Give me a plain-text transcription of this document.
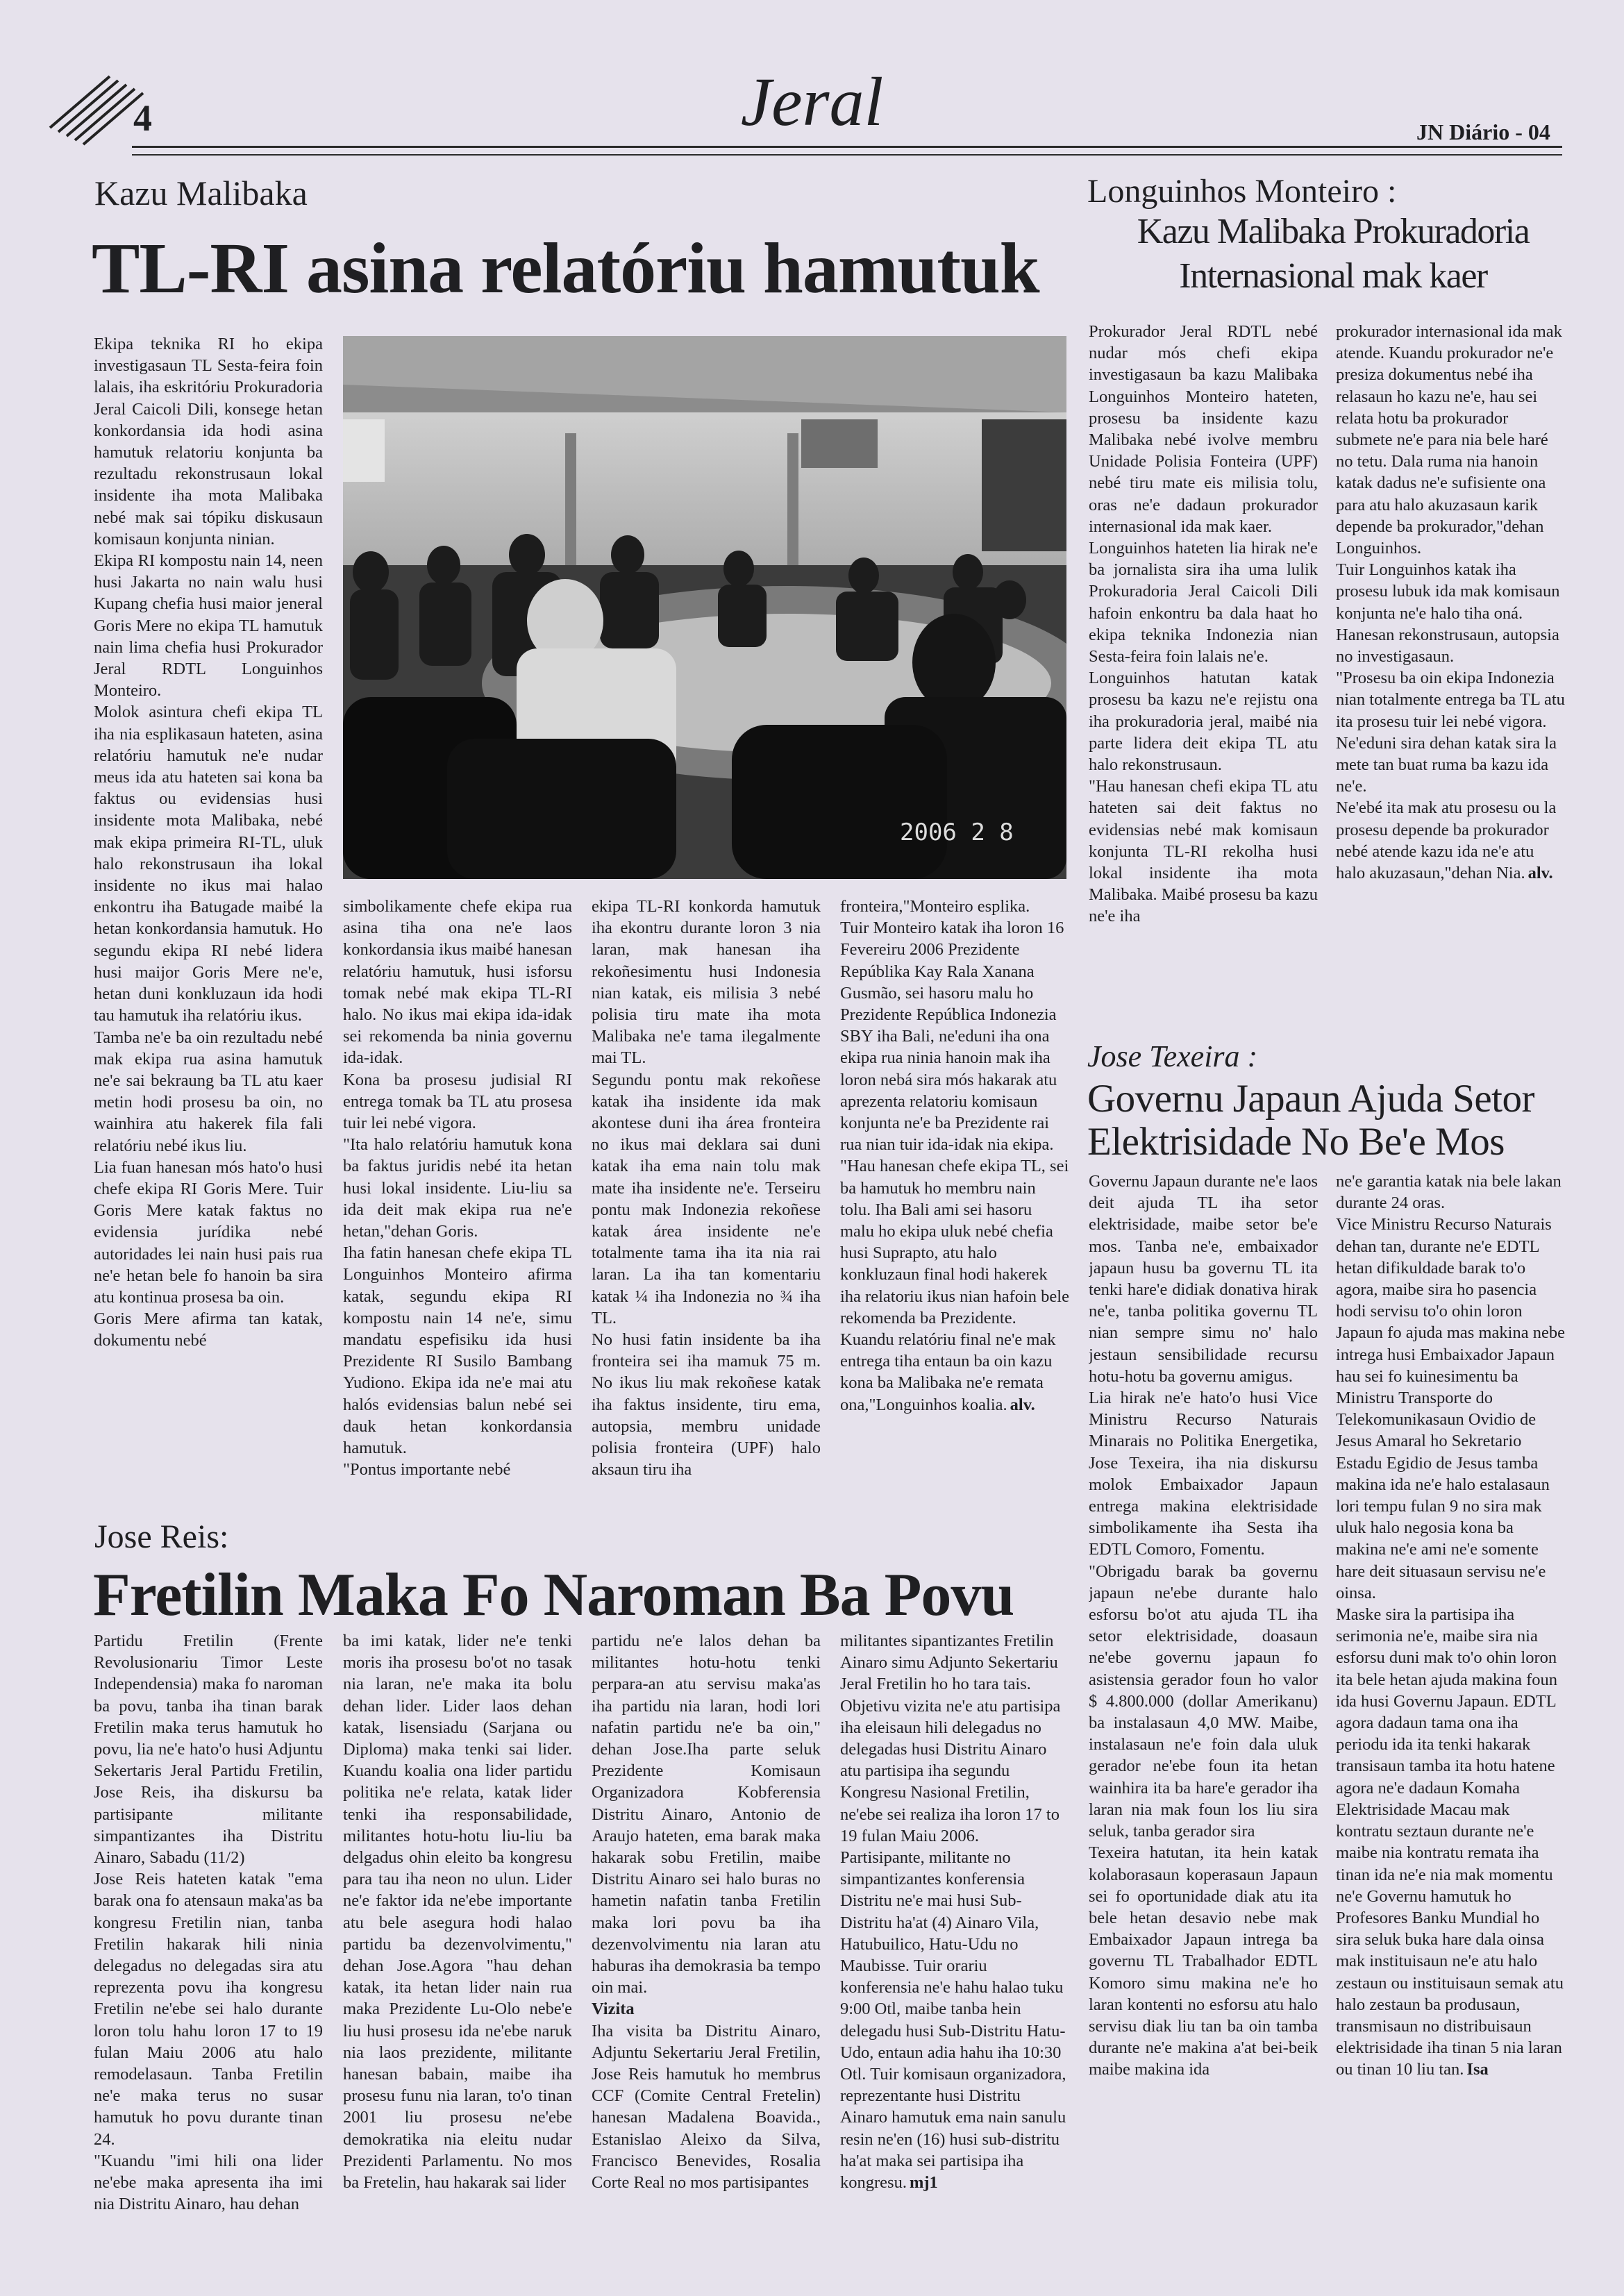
4	Jeral	JN Diário - 04
Kazu Malibaka
TL-RI asina relatóriu hamutuk
Ekipa teknika RI ho ekipa investigasaun TL Sesta-feira foin lalais, iha eskritóriu Prokuradoria Jeral Caicoli Dili, konsege hetan konkordansia ida hodi asina hamutuk relatoriu konjunta ba rezultadu rekonstrusaun lokal insidente iha mota Malibaka nebé mak sai tópiku diskusaun komisaun konjunta ninian.
Ekipa RI kompostu nain 14, neen husi Jakarta no nain walu husi Kupang chefia husi maior jeneral Goris Mere no ekipa TL hamutuk nain lima chefia husi Prokurador Jeral RDTL Longuinhos Monteiro.
Molok asintura chefi ekipa TL iha nia esplikasaun hateten, asina relatóriu hamutuk ne'e nudar meus ida atu hateten sai kona ba faktus ou evidensias husi insidente mota Malibaka, nebé mak ekipa primeira RI-TL, uluk halo rekonstrusaun iha lokal insidente no ikus mai halao enkontru iha Batugade maibé la hetan konkordansia hamutuk. Ho segundu ekipa RI nebé lidera husi maijor Goris Mere ne'e, hetan duni konkluzaun ida hodi tau hamutuk iha relatóriu ikus.
Tamba ne'e ba oin rezultadu nebé mak ekipa rua asina hamutuk ne'e sai bekraung ba TL atu kaer metin hodi prosesu ba oin, no wainhira atu hakerek fila fali relatóriu nebé ikus liu.
Lia fuan hanesan mós hato'o husi chefe ekipa RI Goris Mere. Tuir Goris Mere katak faktus no evidensia jurídika nebé autoridades lei nain husi pais rua ne'e hetan bele fo hanoin ba sira atu kontinua prosesa ba oin.
Goris Mere afirma tan katak, dokumentu nebé
2006 2 8
simbolikamente chefe ekipa rua asina tiha ona ne'e laos konkordansia ikus maibé hanesan relatóriu hamutuk, husi isforsu tomak nebé mak ekipa TL-RI halo. No ikus mai ekipa ida-idak sei rekomenda ba ninia governu ida-idak.
Kona ba prosesu judisial RI entrega tomak ba TL atu prosesa tuir lei nebé vigora.
"Ita halo relatóriu hamutuk kona ba faktus juridis nebé ita hetan husi lokal insidente. Liu-liu sa ida deit mak ekipa rua ne'e hetan,"dehan Goris.
Iha fatin hanesan chefe ekipa TL Longuinhos Monteiro afirma katak, segundu ekipa RI kompostu nain 14 ne'e, simu mandatu espefisiku ida husi Prezidente RI Susilo Bambang Yudiono. Ekipa ida ne'e mai atu halós evidensias balun nebé sei dauk hetan konkordansia hamutuk.
"Pontus importante nebé
ekipa TL-RI konkorda hamutuk iha ekontru durante loron 3 nia laran, mak hanesan iha rekoñesimentu husi Indonesia nian katak, eis milisia 3 nebé polisia tiru mate iha mota Malibaka ne'e tama ilegalmente mai TL.
Segundu pontu mak rekoñese katak iha insidente ida mak akontese duni iha área fronteira no ikus mai deklara sai duni katak iha ema nain tolu mak mate iha insidente ne'e. Terseiru pontu mak Indonezia rekoñese katak área insidente ne'e totalmente tama iha ita nia rai laran. La iha tan komentariu katak ¼ iha Indonezia no ¾ iha TL.
No husi fatin insidente ba iha fronteira sei iha mamuk 75 m. No ikus liu mak rekoñese katak iha faktus insidente, tiru ema, autopsia, membru unidade polisia fronteira (UPF) halo aksaun tiru iha
fronteira,"Monteiro esplika.
Tuir Monteiro katak iha loron 16 Fevereiru 2006 Prezidente Repúblika Kay Rala Xanana Gusmão, sei hasoru malu ho Prezidente República Indonezia SBY iha Bali, ne'eduni iha ona ekipa rua ninia hanoin mak iha loron nebá sira mós hakarak atu aprezenta relatoriu komisaun konjunta ne'e ba Prezidente rai rua nian tuir ida-idak nia ekipa.
"Hau hanesan chefe ekipa TL, sei ba hamutuk ho membru nain tolu. Iha Bali ami sei hasoru malu ho ekipa uluk nebé chefia husi Suprapto, atu halo konkluzaun final hodi hakerek iha relatoriu ikus nian hafoin bele rekomenda ba Prezidente. Kuandu relatóriu final ne'e mak entrega tiha entaun ba oin kazu kona ba Malibaka ne'e remata ona,"Longuinhos koalia. alv.
Longuinhos Monteiro :
Kazu Malibaka Prokuradoria
Internasional mak kaer
Prokurador Jeral RDTL nebé nudar mós chefi ekipa investigasaun ba kazu Malibaka Longuinhos Monteiro hateten, prosesu ba insidente kazu Malibaka nebé ivolve membru Unidade Polisia Fonteira (UPF) nebé tiru mate eis milisia tolu, oras ne'e dadaun prokurador internasional ida mak kaer.
Longuinhos hateten lia hirak ne'e ba jornalista sira iha uma lulik Prokuradoria Jeral Caicoli Dili hafoin enkontru ba dala haat ho ekipa teknika Indonezia nian Sesta-feira foin lalais ne'e.
Longuinhos hatutan katak prosesu ba kazu ne'e rejistu ona iha prokuradoria jeral, maibé nia parte lidera deit ekipa TL atu halo rekonstrusaun.
"Hau hanesan chefi ekipa TL atu hateten sai deit faktus no evidensias nebé mak komisaun konjunta TL-RI rekolha husi lokal insidente iha mota Malibaka. Maibé prosesu ba kazu ne'e iha
prokurador internasional ida mak atende. Kuandu prokurador ne'e presiza dokumentus nebé iha relasaun ho kazu ne'e, hau sei relata hotu ba prokurador submete ne'e para nia bele haré no tetu. Dala ruma nia hanoin katak dadus ne'e sufisiente ona para atu halo akuzasaun karik depende ba prokurador,"dehan Longuinhos.
Tuir Longuinhos katak iha prosesu lubuk ida mak komisaun konjunta ne'e halo tiha oná. Hanesan rekonstrusaun, autopsia no investigasaun.
"Prosesu ba oin ekipa Indonezia nian totalmente entrega ba TL atu ita prosesu tuir lei nebé vigora.
Ne'eduni sira dehan katak sira la mete tan buat ruma ba kazu ida ne'e.
Ne'ebé ita mak atu prosesu ou la prosesu depende ba prokurador nebé atende kazu ida ne'e atu halo akuzasaun,"dehan Nia. alv.
Jose Texeira :
Governu Japaun Ajuda Setor
Elektrisidade No Be'e Mos
Governu Japaun durante ne'e laos deit ajuda TL iha setor elektrisidade, maibe setor be'e mos. Tanba ne'e, embaixador japaun husu ba governu TL ita tenki hare'e didiak donativa hirak ne'e, tanba politika governu TL nian sempre simu no' halo jestaun sensibilidade recursu hotu-hotu ba governu amigus.
Lia hirak ne'e hato'o husi Vice Ministru Recurso Naturais Minarais no Politika Energetika, Jose Texeira, iha nia diskursu molok Embaixador Japaun entrega makina elektrisidade simbolikamente iha Sesta iha EDTL Comoro, Fomentu.
"Obrigadu barak ba governu japaun ne'ebe durante halo esforsu bo'ot atu ajuda TL iha setor elektrisidade, doasaun ne'ebe governu japaun fo asistensia gerador foun ho valor $ 4.800.000 (dollar Amerikanu) ba instalasaun 4,0 MW. Maibe, instalasaun ne'e foin dala uluk gerador ne'ebe foun ita hetan wainhira ita ba hare'e gerador iha laran nia mak foun los liu sira seluk, tanba gerador sira
Texeira hatutan, ita hein katak kolaborasaun koperasaun Japaun sei fo oportunidade diak atu ita bele hetan desavio nebe mak Embaixador Japaun intrega ba governu TL Trabalhador EDTL Komoro simu makina ne'e ho laran kontenti no esforsu atu halo servisu diak liu tan ba oin tamba durante ne'e makina a'at bei-beik maibe makina ida
ne'e garantia katak nia bele lakan durante 24 oras.
Vice Ministru Recurso Naturais dehan tan, durante ne'e EDTL hetan difikuldade barak to'o agora, maibe sira ho pasencia hodi servisu to'o ohin loron Japaun fo ajuda mas makina nebe intrega husi Embaixador Japaun hau sei fo kuinesimentu ba Ministru Transporte do Telekomunikasaun Ovidio de Jesus Amaral ho Sekretario Estadu Egidio de Jesus tamba makina ida ne'e halo estalasaun lori tempu fulan 9 no sira mak uluk halo negosia kona ba makina ne'e ami ne'e somente hare deit situasaun servisu ne'e oinsa.
Maske sira la partisipa iha serimonia ne'e, maibe sira nia esforsu duni mak to'o ohin loron ita bele hetan ajuda makina foun ida husi Governu Japaun. EDTL agora dadaun tama ona iha periodu ida ita tenki hakarak transisaun tamba ita hotu hatene agora ne'e dadaun Komaha Elektrisidade Macau mak kontratu seztaun durante ne'e maibe nia kontratu remata iha tinan ida ne'e nia mak momentu ne'e Governu hamutuk ho Profesores Banku Mundial ho sira seluk buka hare dala oinsa mak instituisaun ne'e atu halo zestaun ou instituisaun semak atu halo zestaun ba produsaun, transmisaun no distribuisaun elektrisidade iha tinan 5 nia laran ou tinan 10 liu tan. Isa
Jose Reis:
Fretilin Maka Fo Naroman Ba Povu
Partidu Fretilin (Frente Revolusionariu Timor Leste Independensia) maka fo naroman ba povu, tanba iha tinan barak Fretilin maka terus hamutuk ho povu, lia ne'e hato'o husi Adjuntu Sekertaris Jeral Partidu Fretilin, Jose Reis, iha diskursu ba partisipante militante simpantizantes iha Distritu Ainaro, Sabadu (11/2)
Jose Reis hateten katak "ema barak ona fo atensaun maka'as ba kongresu Fretilin nian, tanba Fretilin hakarak hili ninia delegadus no delegadas sira atu reprezenta povu iha kongresu Fretilin ne'ebe sei halo durante loron tolu hahu loron 17 to 19 fulan Maiu 2006 atu halo remodelasaun. Tanba Fretilin ne'e maka terus no susar hamutuk ho povu durante tinan 24.
"Kuandu "imi hili ona lider ne'ebe maka apresenta iha imi nia Distritu Ainaro, hau dehan
ba imi katak, lider ne'e tenki moris iha prosesu bo'ot no tasak nia laran, ne'e maka ita bolu dehan lider. Lider laos dehan katak, lisensiadu (Sarjana ou Diploma) maka tenki sai lider. Kuandu koalia ona lider partidu politika ne'e relata, katak lider tenki iha responsabilidade, militantes hotu-hotu liu-liu ba delgadus ohin eleito ba kongresu para tau iha neon no ulun. Lider ne'e faktor ida ne'ebe importante atu bele asegura hodi halao partidu ba dezenvolvimentu," dehan Jose.Agora "hau dehan katak, ita hetan lider nain rua maka Prezidente Lu-Olo nebe'e liu husi prosesu ida ne'ebe naruk nia laos prezidente, militante hanesan babain, maibe iha prosesu funu nia laran, to'o tinan 2001 liu prosesu ne'ebe demokratika nia eleitu nudar Prezidenti Parlamentu. No mos ba Fretelin, hau hakarak sai lider
partidu ne'e lalos dehan ba militantes hotu-hotu tenki perpara-an atu servisu maka'as iha partidu nia laran, hodi lori nafatin partidu ne'e ba oin," dehan Jose.Iha parte seluk Prezidente Komisaun Organizadora Kobferensia Distritu Ainaro, Antonio de Araujo hateten, ema barak maka hakarak sobu Fretilin, maibe Distritu Ainaro sei halo buras no hametin nafatin tanba Fretilin maka lori povu ba iha dezenvolvimentu nia laran atu haburas iha demokrasia ba tempo oin mai.
Vizita
Iha visita ba Distritu Ainaro, Adjuntu Sekertariu Jeral Fretilin, Jose Reis hamutuk ho membrus CCF (Comite Central Fretelin) hanesan Madalena Boavida., Estanislao Aleixo da Silva, Francisco Benevides, Rosalia Corte Real no mos partisipantes
militantes sipantizantes Fretilin Ainaro simu Adjunto Sekertariu Jeral Fretilin ho ho tara tais.
Objetivu vizita ne'e atu partisipa iha eleisaun hili delegadus no delegadas husi Distritu Ainaro atu partisipa iha segundu Kongresu Nasional Fretilin, ne'ebe sei realiza iha loron 17 to 19 fulan Maiu 2006.
Partisipante, militante no simpantizantes konferensia Distritu ne'e mai husi Sub-Distritu ha'at (4) Ainaro Vila, Hatubuilico, Hatu-Udu no Maubisse. Tuir orariu konferensia ne'e hahu halao tuku 9:00 Otl, maibe tanba hein delegadu husi Sub-Distritu Hatu-Udo, entaun adia hahu iha 10:30 Otl. Tuir komisaun organizadora, reprezentante husi Distritu Ainaro hamutuk ema nain sanulu resin ne'en (16) husi sub-distritu ha'at maka sei partisipa iha kongresu. mj1
